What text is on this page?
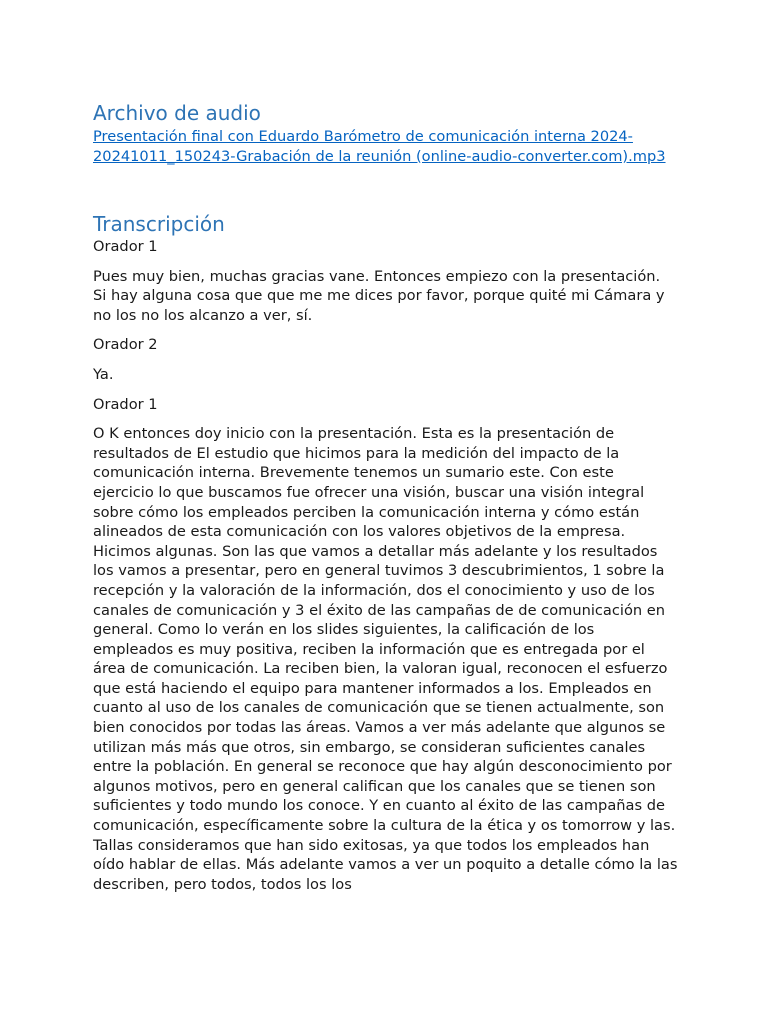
Archivo de audio
Presentación final con Eduardo Barómetro de comunicación interna 2024-20241011_150243-Grabación de la reunión (online-audio-converter.com).mp3
Transcripción

Orador 1

Pues muy bien, muchas gracias vane. Entonces empiezo con la presentación. Si hay alguna cosa que que me me dices por favor, porque quité mi Cámara y no los no los alcanzo a ver, sí.

Orador 2

Ya.

Orador 1

O K entonces doy inicio con la presentación. Esta es la presentación de resultados de El estudio que hicimos para la medición del impacto de la comunicación interna. Brevemente tenemos un sumario este. Con este ejercicio lo que buscamos fue ofrecer una visión, buscar una visión integral sobre cómo los empleados perciben la comunicación interna y cómo están alineados de esta comunicación con los valores objetivos de la empresa. Hicimos algunas. Son las que vamos a detallar más adelante y los resultados los vamos a presentar, pero en general tuvimos 3 descubrimientos, 1 sobre la recepción y la valoración de la información, dos el conocimiento y uso de los canales de comunicación y 3 el éxito de las campañas de de comunicación en general. Como lo verán en los slides siguientes, la calificación de los empleados es muy positiva, reciben la información que es entregada por el área de comunicación. La reciben bien, la valoran igual, reconocen el esfuerzo que está haciendo el equipo para mantener informados a los. Empleados en cuanto al uso de los canales de comunicación que se tienen actualmente, son bien conocidos por todas las áreas. Vamos a ver más adelante que algunos se utilizan más más que otros, sin embargo, se consideran suficientes canales entre la población. En general se reconoce que hay algún desconocimiento por algunos motivos, pero en general califican que los canales que se tienen son suficientes y todo mundo los conoce. Y en cuanto al éxito de las campañas de comunicación, específicamente sobre la cultura de la ética y os tomorrow y las. Tallas consideramos que han sido exitosas, ya que todos los empleados han oído hablar de ellas. Más adelante vamos a ver un poquito a detalle cómo la las describen, pero todos, todos los los
